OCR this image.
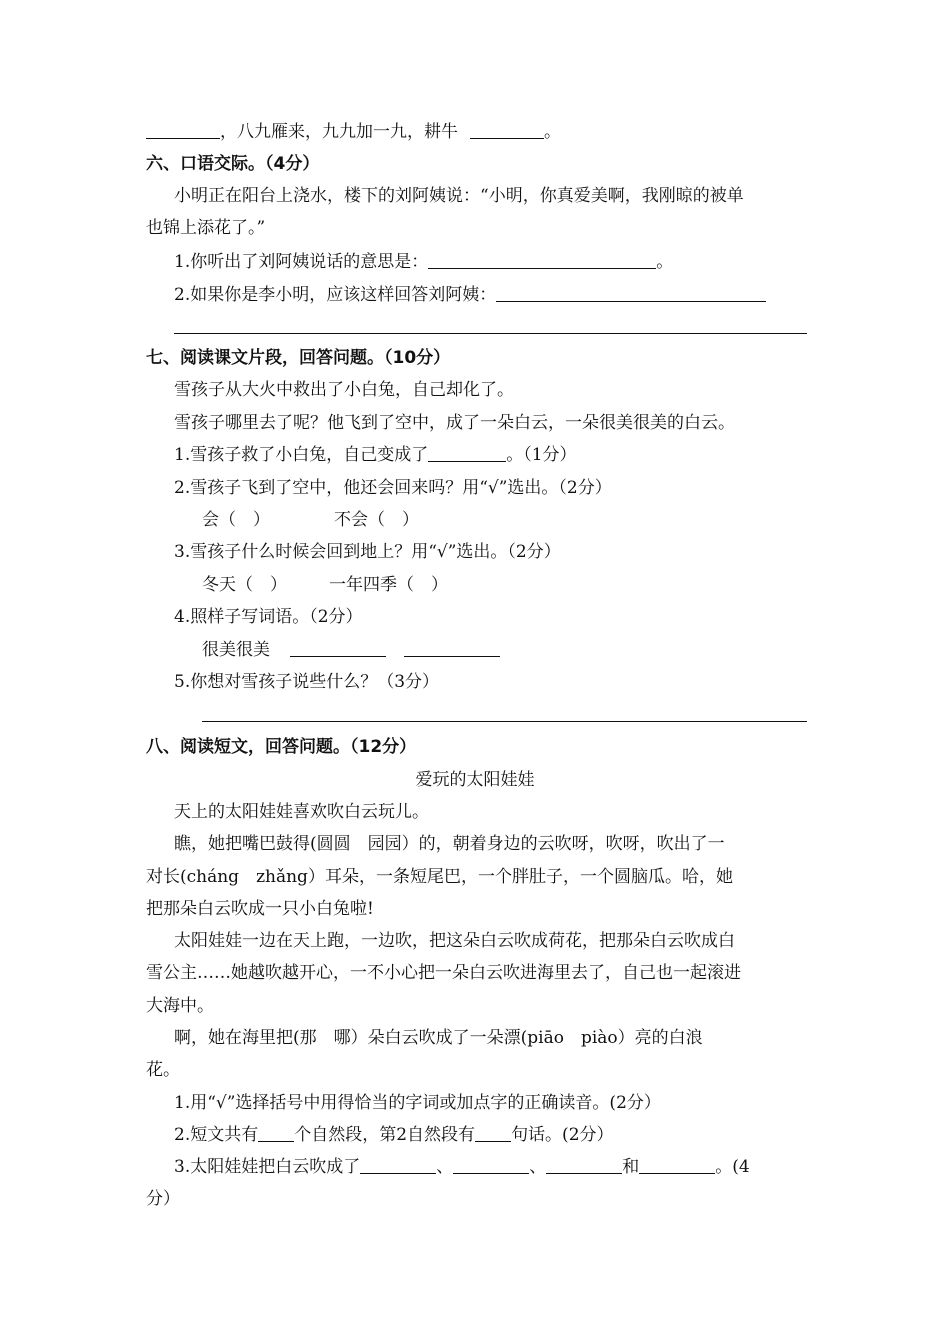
，八九雁来，九九加一九，耕牛	。
六、口语交际。（4分）
小明正在阳台上浇水，楼下的刘阿姨说：“小明，你真爱美啊，我刚晾的被单
也锦上添花了。”
1.你听出了刘阿姨说话的意思是：	。
2.如果你是李小明，应该这样回答刘阿姨：
七、阅读课文片段，回答问题。（10分）
雪孩子从大火中救出了小白兔，自己却化了。
雪孩子哪里去了呢？他飞到了空中，成了一朵白云，一朵很美很美的白云。
1.雪孩子救了小白兔，自己变成了	。（1分）
2.雪孩子飞到了空中，他还会回来吗？用“√”选出。（2分）
会（　）	不会（　）
3.雪孩子什么时候会回到地上？用“√”选出。（2分）
冬天（　） 一年四季（　）
4.照样子写词语。（2分）
很美很美
5.你想对雪孩子说些什么？（3分）
八、阅读短文，回答问题。（12分）
爱玩的太阳娃娃
天上的太阳娃娃喜欢吹白云玩儿。
瞧，她把嘴巴鼓得(圆圆　园园）的，朝着身边的云吹呀，吹呀，吹出了一
对长(cháng　zhǎng）耳朵，一条短尾巴，一个胖肚子，一个圆脑瓜。哈，她
把那朵白云吹成一只小白兔啦!
太阳娃娃一边在天上跑，一边吹，把这朵白云吹成荷花，把那朵白云吹成白
雪公主……她越吹越开心，一不小心把一朵白云吹进海里去了，自己也一起滚进
大海中。
啊，她在海里把(那　哪）朵白云吹成了一朵漂(piāo　piào）亮的白浪
花。
1.用“√”选择括号中用得恰当的字词或加点字的正确读音。(2分）
2.短文共有 个自然段，第2自然段有 句话。(2分）
3.太阳娃娃把白云吹成了	、	、	和	。(4
分）
